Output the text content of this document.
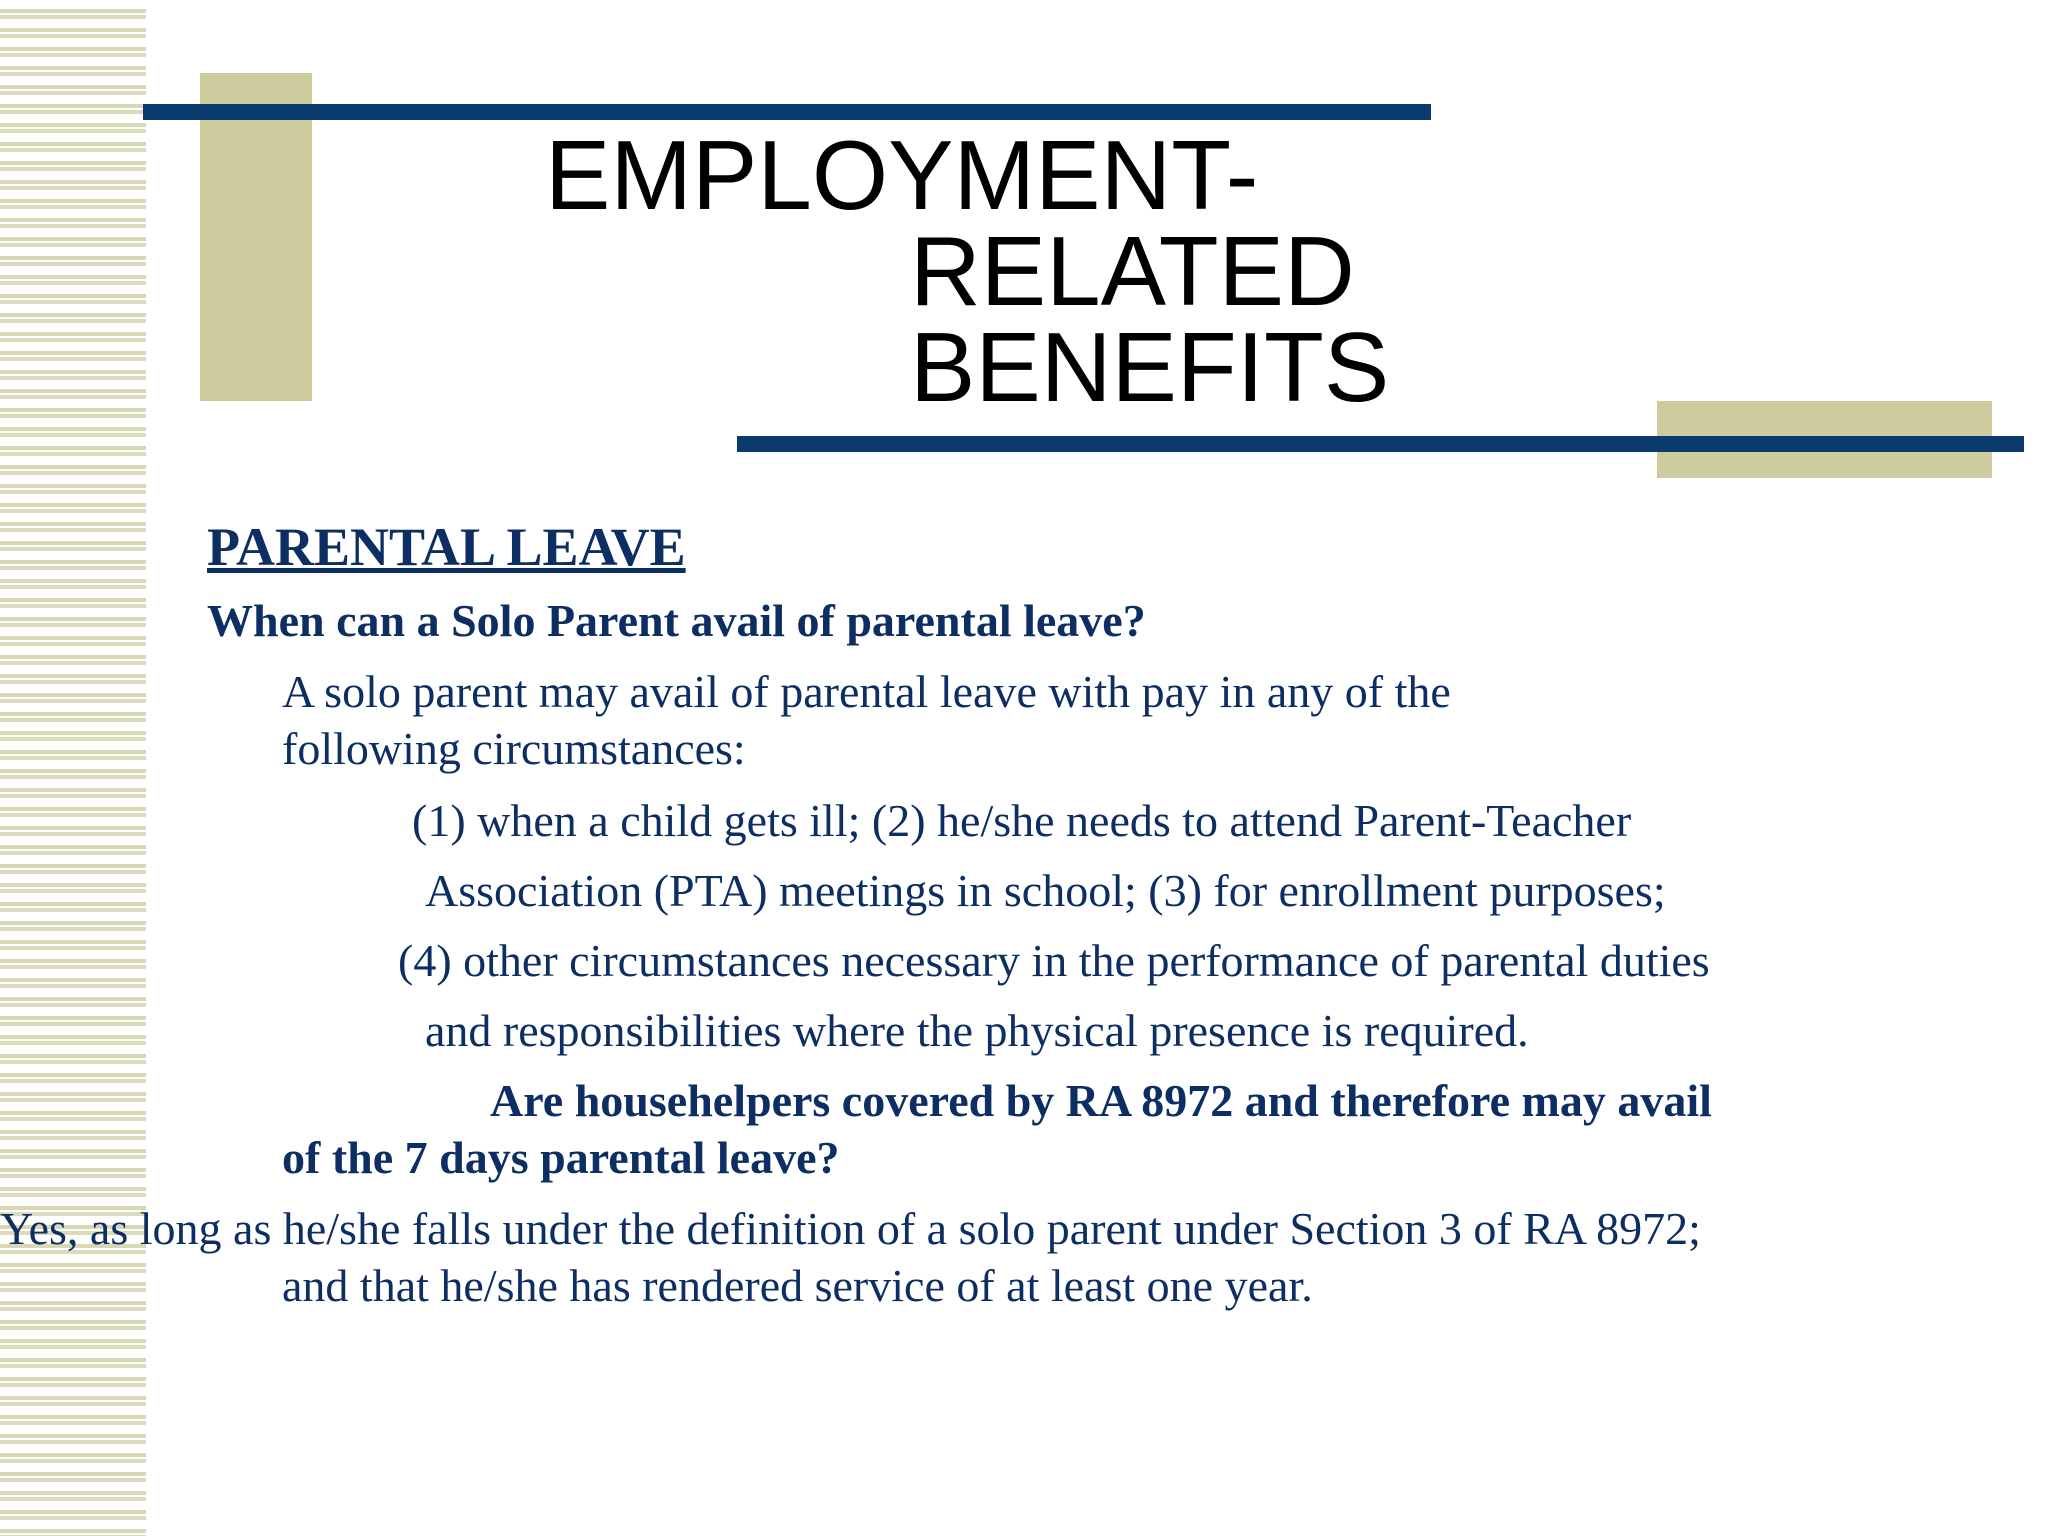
EMPLOYMENT-
RELATED
BENEFITS
PARENTAL LEAVE
When can a Solo Parent avail of parental leave?
A solo parent may avail of parental leave with pay in any of the
following circumstances:
(1) when a child gets ill; (2) he/she needs to attend Parent-Teacher
Association (PTA) meetings in school; (3) for enrollment purposes;
(4) other circumstances necessary in the performance of parental duties
and responsibilities where the physical presence is required.
Are househelpers covered by RA 8972 and therefore may avail
of the 7 days parental leave?
Yes, as long as he/she falls under the definition of a solo parent under Section 3 of RA 8972;
and that he/she has rendered service of at least one year.
